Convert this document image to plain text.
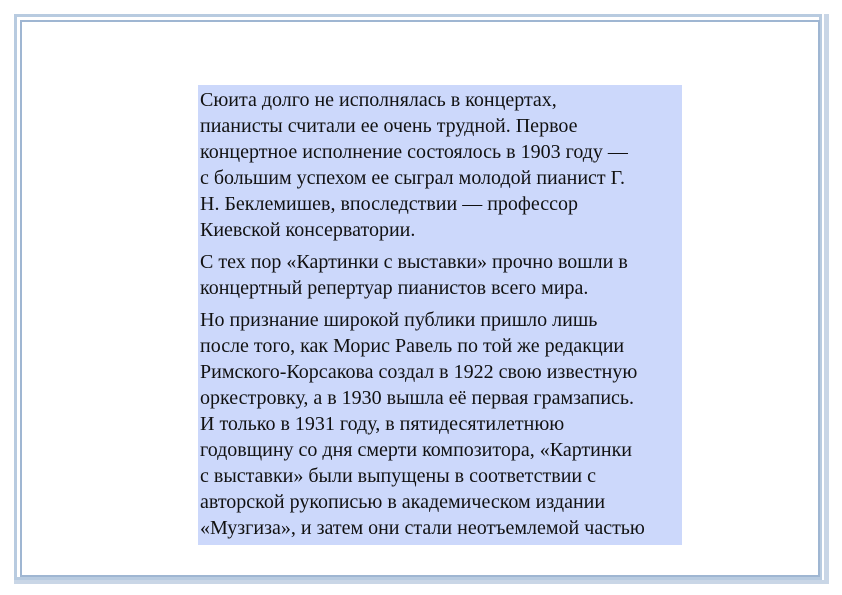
Сюита долго не исполнялась в концертах,
пианисты считали ее очень трудной. Первое
концертное исполнение состоялось в 1903 году —
с большим успехом ее сыграл молодой пианист Г.
Н. Беклемишев, впоследствии — профессор
Киевской консерватории.

С тех пор «Картинки с выставки» прочно вошли в
концертный репертуар пианистов всего мира.

Но признание широкой публики пришло лишь
после того, как Морис Равель по той же редакции
Римского-Корсакова создал в 1922 свою известную
оркестровку, а в 1930 вышла её первая грамзапись.
И только в 1931 году, в пятидесятилетнюю
годовщину со дня смерти композитора, «Картинки
с выставки» были выпущены в соответствии с
авторской рукописью в академическом издании
«Музгиза», и затем они стали неотъемлемой частью
